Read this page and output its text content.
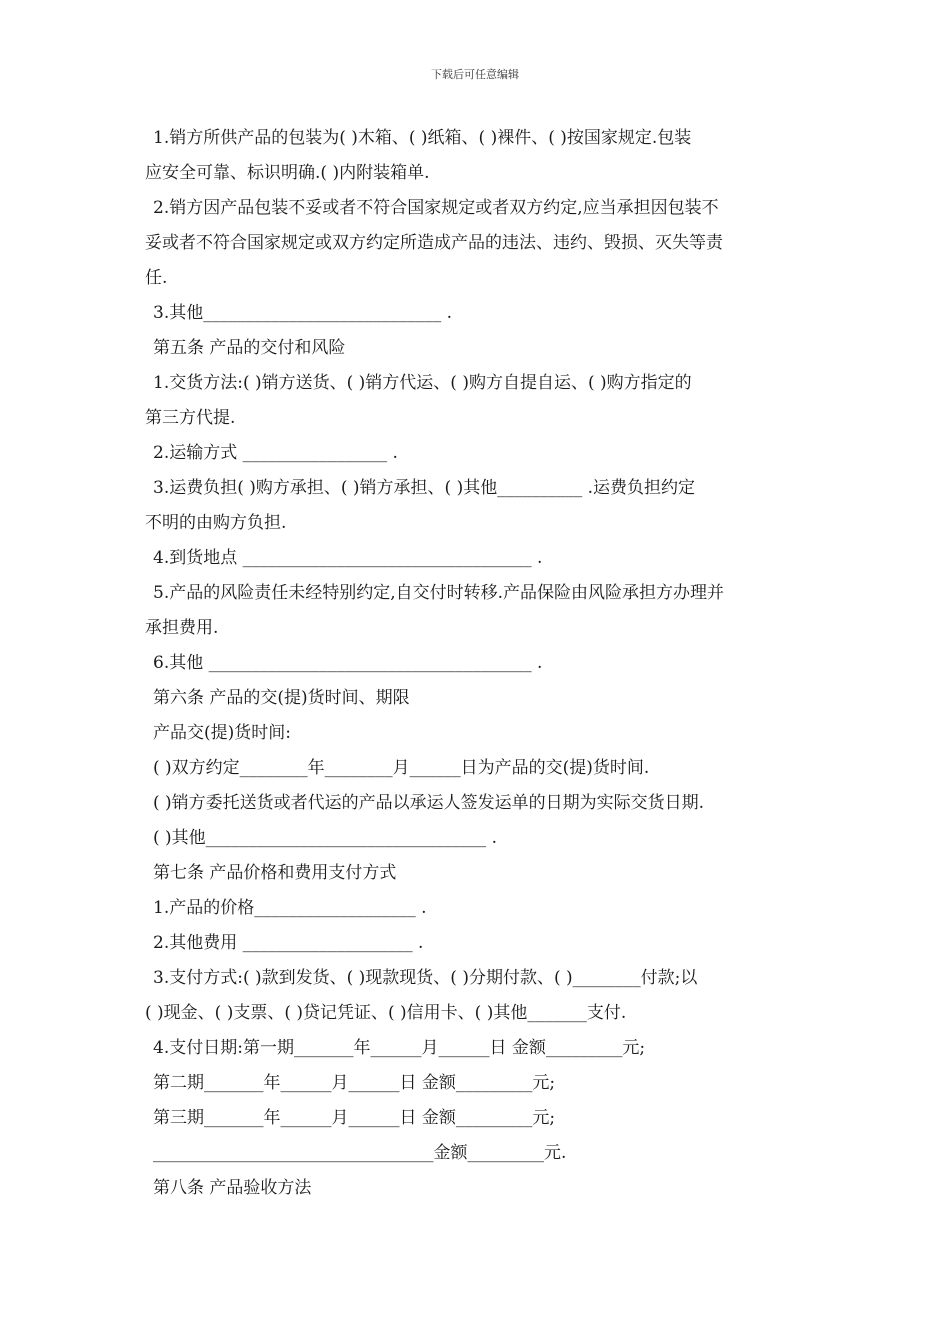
下载后可任意编辑
1.销方所供产品的包装为( )木箱、( )纸箱、( )裸件、( )按国家规定.包装
应安全可靠、标识明确.( )内附装箱单.
2.销方因产品包装不妥或者不符合国家规定或者双方约定,应当承担因包装不
妥或者不符合国家规定或双方约定所造成产品的违法、违约、毁损、灭失等责
任.
3.其他____________________________ .
第五条 产品的交付和风险
1.交货方法:( )销方送货、( )销方代运、( )购方自提自运、( )购方指定的
第三方代提.
2.运输方式 _________________ .
3.运费负担( )购方承担、( )销方承担、( )其他__________ .运费负担约定
不明的由购方负担.
4.到货地点 __________________________________ .
5.产品的风险责任未经特别约定,自交付时转移.产品保险由风险承担方办理并
承担费用.
6.其他 ______________________________________ .
第六条 产品的交(提)货时间、期限
产品交(提)货时间:
( )双方约定________年________月______日为产品的交(提)货时间.
( )销方委托送货或者代运的产品以承运人签发运单的日期为实际交货日期.
( )其他_________________________________ .
第七条 产品价格和费用支付方式
1.产品的价格___________________ .
2.其他费用 ____________________ .
3.支付方式:( )款到发货、( )现款现货、( )分期付款、( )________付款;以
( )现金、( )支票、( )贷记凭证、( )信用卡、( )其他_______支付.
4.支付日期:第一期_______年______月______日 金额_________元;
第二期_______年______月______日 金额_________元;
第三期_______年______月______日 金额_________元;
_________________________________金额_________元.
第八条 产品验收方法
